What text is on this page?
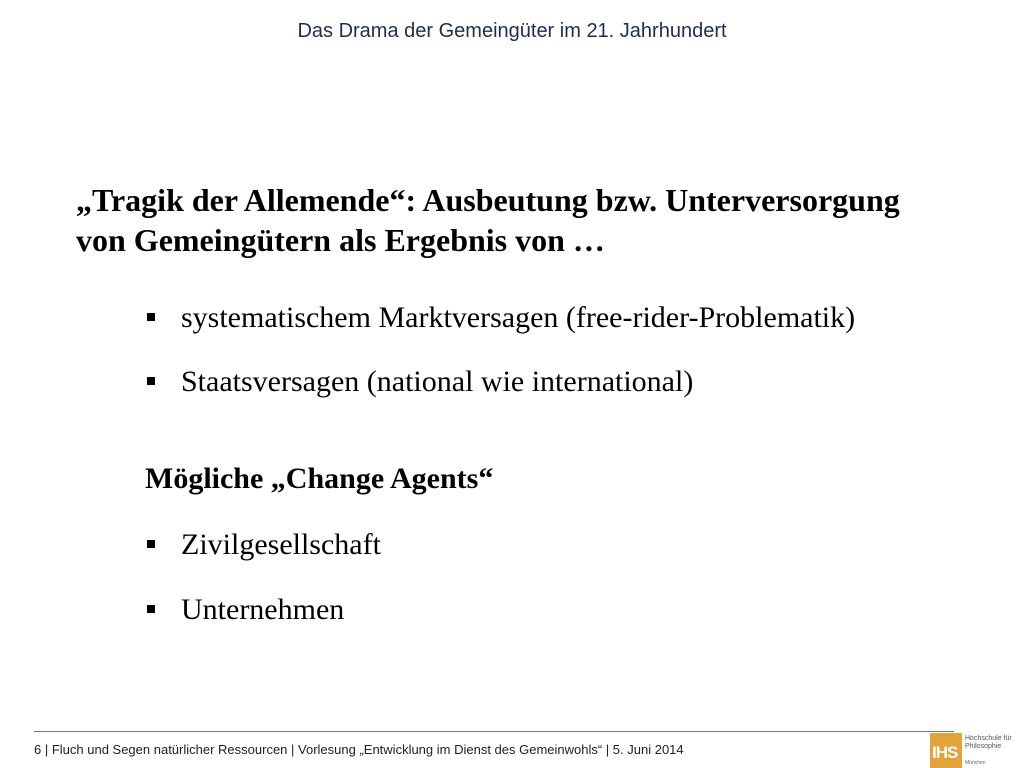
Das Drama der Gemeingüter im 21. Jahrhundert
„Tragik der Allemende“: Ausbeutung bzw. Unterversorgung
von Gemeingütern als Ergebnis von …
systematischem Marktversagen (free-rider-Problematik)
Staatsversagen (national wie international)
Mögliche „Change Agents“
Zivilgesellschaft
Unternehmen
6 | Fluch und Segen natürlicher Ressourcen | Vorlesung „Entwicklung im Dienst des Gemeinwohls“ | 5. Juni 2014	IHS
Hochschule für
Philosophie
München
